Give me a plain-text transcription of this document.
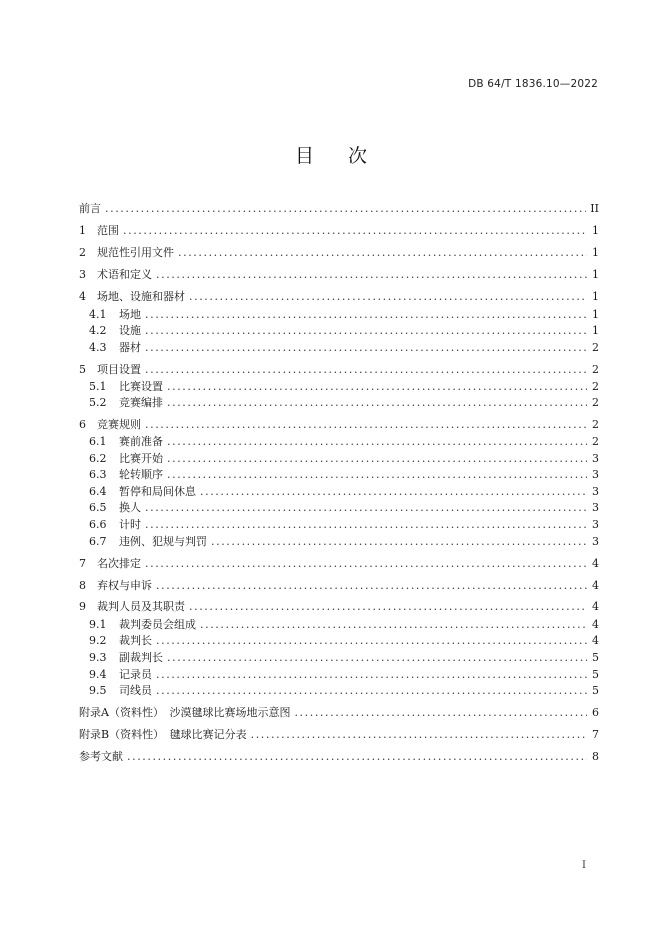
DB 64/T 1836.10—2022
目 次
前言 .....	II
1	范围 .....	1
2	规范性引用文件 .....	1
3	术语和定义 .....	1
4	场地、设施和器材 .....	1
4.1	场地 .....	1
4.2	设施 .....	1
4.3	器材 .....	2
5	项目设置 .....	2
5.1	比赛设置 .....	2
5.2	竞赛编排 .....	2
6	竞赛规则 .....	2
6.1	赛前准备 .....	2
6.2	比赛开始 .....	3
6.3	轮转顺序 .....	3
6.4	暂停和局间休息 .....	3
6.5	换人 .....	3
6.6	计时 .....	3
6.7	违例、犯规与判罚 .....	3
7	名次排定 .....	4
8	弃权与申诉 .....	4
9	裁判人员及其职责 .....	4
9.1	裁判委员会组成 .....	4
9.2	裁判长 .....	4
9.3	副裁判长 .....	5
9.4	记录员 .....	5
9.5	司线员 .....	5
附录A（资料性）　沙漠毽球比赛场地示意图 .....	6
附录B（资料性）　毽球比赛记分表 .....	7
参考文献 .....	8
I
